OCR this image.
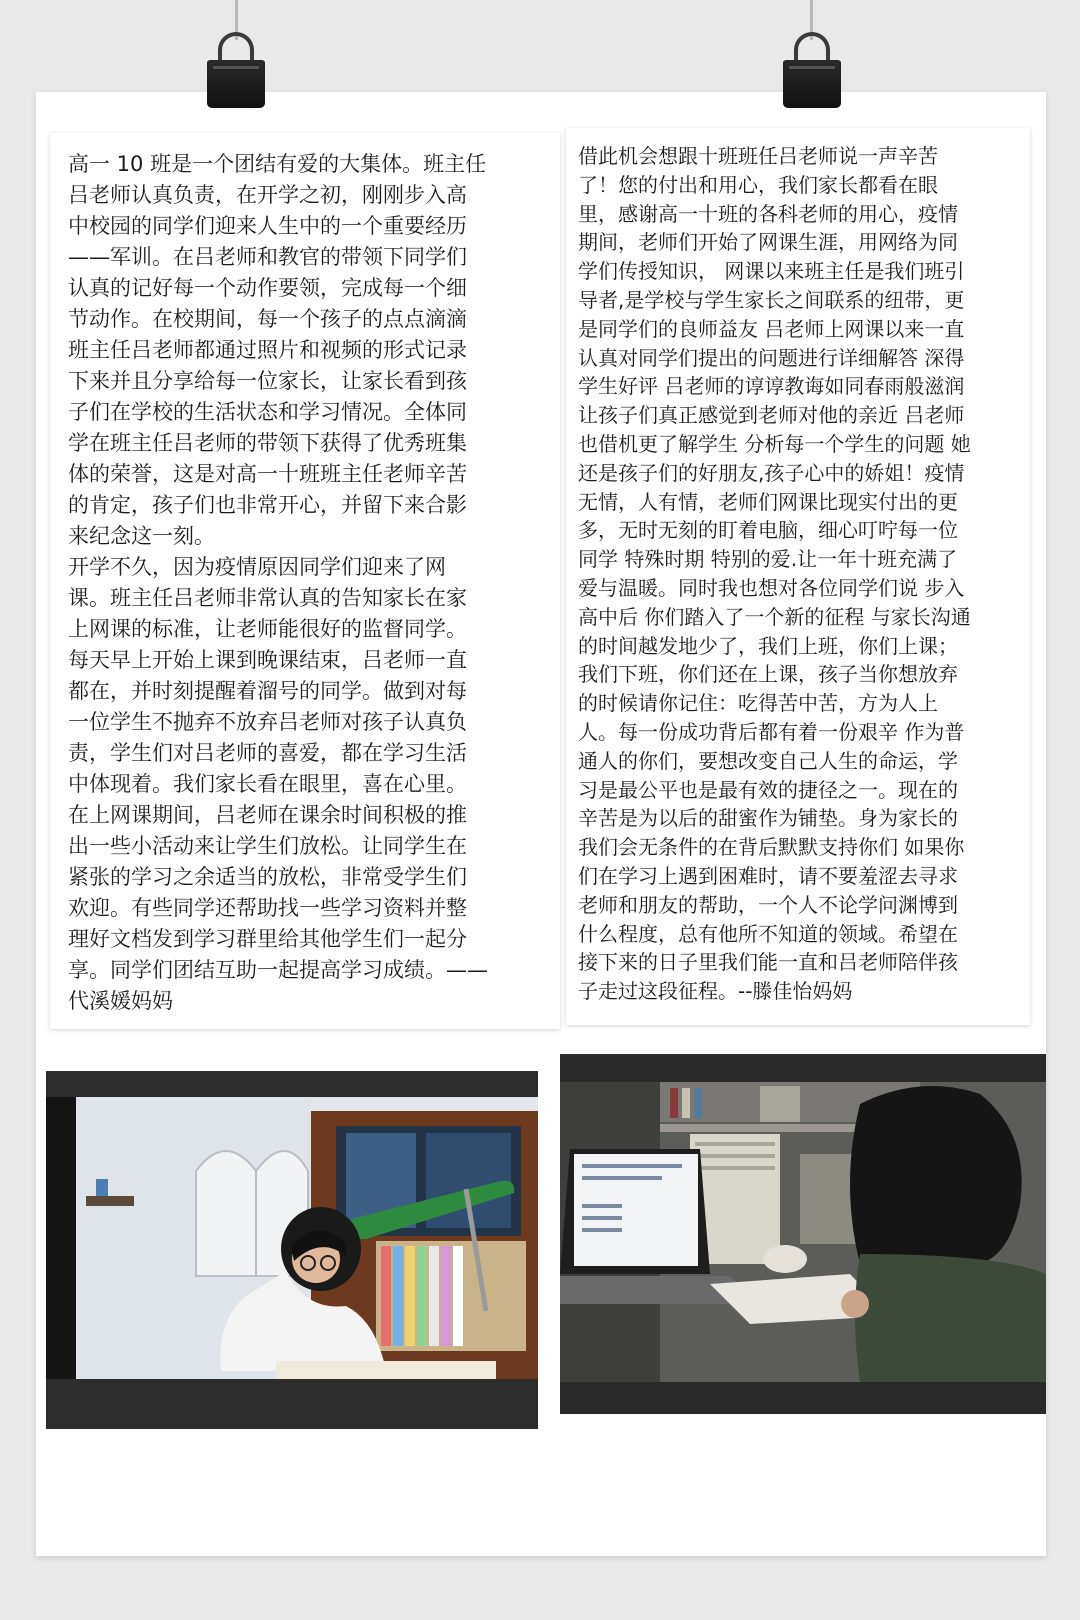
高一 10 班是一个团结有爱的大集体。班主任
吕老师认真负责，在开学之初，刚刚步入高
中校园的同学们迎来人生中的一个重要经历
——军训。在吕老师和教官的带领下同学们
认真的记好每一个动作要领，完成每一个细
节动作。在校期间，每一个孩子的点点滴滴
班主任吕老师都通过照片和视频的形式记录
下来并且分享给每一位家长，让家长看到孩
子们在学校的生活状态和学习情况。全体同
学在班主任吕老师的带领下获得了优秀班集
体的荣誉，这是对高一十班班主任老师辛苦
的肯定，孩子们也非常开心，并留下来合影
来纪念这一刻。
开学不久，因为疫情原因同学们迎来了网
课。班主任吕老师非常认真的告知家长在家
上网课的标准，让老师能很好的监督同学。
每天早上开始上课到晚课结束，吕老师一直
都在，并时刻提醒着溜号的同学。做到对每
一位学生不抛弃不放弃吕老师对孩子认真负
责，学生们对吕老师的喜爱，都在学习生活
中体现着。我们家长看在眼里，喜在心里。
在上网课期间，吕老师在课余时间积极的推
出一些小活动来让学生们放松。让同学生在
紧张的学习之余适当的放松，非常受学生们
欢迎。有些同学还帮助找一些学习资料并整
理好文档发到学习群里给其他学生们一起分
享。同学们团结互助一起提高学习成绩。——
代溪媛妈妈

借此机会想跟十班班任吕老师说一声辛苦
了！您的付出和用心，我们家长都看在眼
里，感谢高一十班的各科老师的用心，疫情
期间，老师们开始了网课生涯，用网络为同
学们传授知识， 网课以来班主任是我们班引
导者,是学校与学生家长之间联系的纽带，更
是同学们的良师益友 吕老师上网课以来一直
认真对同学们提出的问题进行详细解答 深得
学生好评 吕老师的谆谆教诲如同春雨般滋润
让孩子们真正感觉到老师对他的亲近 吕老师
也借机更了解学生 分析每一个学生的问题 她
还是孩子们的好朋友,孩子心中的娇姐！疫情
无情，人有情，老师们网课比现实付出的更
多，无时无刻的盯着电脑，细心叮咛每一位
同学 特殊时期 特别的爱.让一年十班充满了
爱与温暖。同时我也想对各位同学们说 步入
高中后 你们踏入了一个新的征程 与家长沟通
的时间越发地少了，我们上班，你们上课；
我们下班，你们还在上课，孩子当你想放弃
的时候请你记住：吃得苦中苦，方为人上
人。每一份成功背后都有着一份艰辛 作为普
通人的你们，要想改变自己人生的命运，学
习是最公平也是最有效的捷径之一。现在的
辛苦是为以后的甜蜜作为铺垫。身为家长的
我们会无条件的在背后默默支持你们 如果你
们在学习上遇到困难时，请不要羞涩去寻求
老师和朋友的帮助，一个人不论学问渊博到
什么程度，总有他所不知道的领域。希望在
接下来的日子里我们能一直和吕老师陪伴孩
子走过这段征程。--滕佳怡妈妈
